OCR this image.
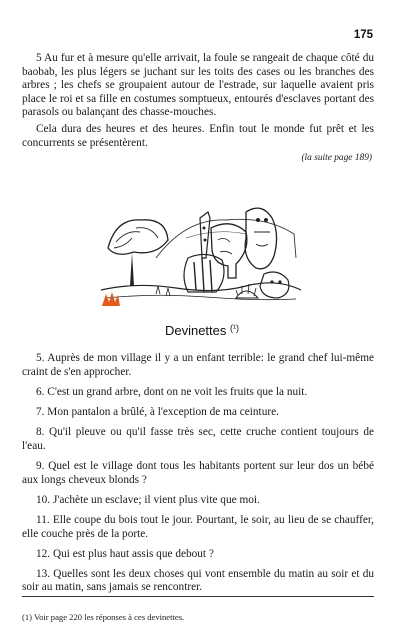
175

5 Au fur et à mesure qu'elle arrivait, la foule se rangeait de chaque côté du baobab, les plus légers se juchant sur les toits des cases ou les branches des arbres ; les chefs se groupaient autour de l'estrade, sur laquelle avaient pris place le roi et sa fille en costumes somptueux, entourés d'esclaves portant des parasols ou balançant des chasse-mouches.

Cela dura des heures et des heures. Enfin tout le monde fut prêt et les concurrents se présentèrent.

(la suite page 189)
Devinettes $^{(^1)}$
5. Auprès de mon village il y a un enfant terrible: le grand chef lui-même craint de s'en approcher.
6. C'est un grand arbre, dont on ne voit les fruits que la nuit.
7. Mon pantalon a brûlé, à l'exception de ma ceinture.
8. Qu'il pleuve ou qu'il fasse très sec, cette cruche contient toujours de l'eau.
9. Quel est le village dont tous les habitants portent sur leur dos un bébé aux longs cheveux blonds ?
10. J'achète un esclave; il vient plus vite que moi.
11. Elle coupe du bois tout le jour. Pourtant, le soir, au lieu de se chauffer, elle couche près de la porte.
12. Qui est plus haut assis que debout ?
13. Quelles sont les deux choses qui vont ensemble du matin au soir et du soir au matin, sans jamais se rencontrer.
(1) Voir page 220 les réponses à ces devinettes.
